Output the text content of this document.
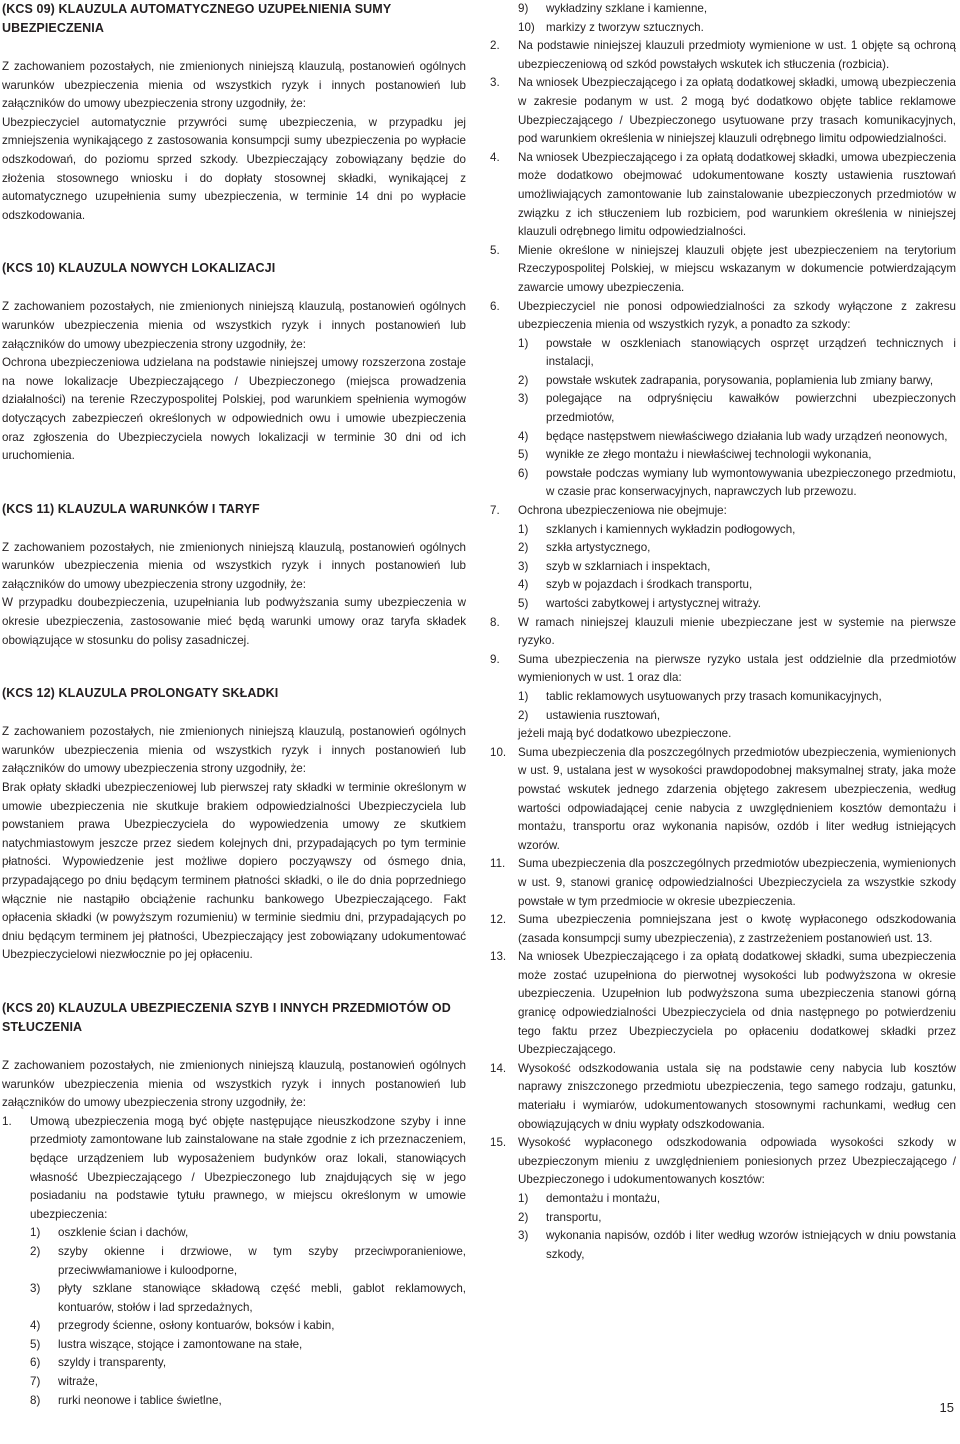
(KCS 09) KLAUZULA AUTOMATYCZNEGO UZUPEŁNIENIA SUMY UBEZPIECZENIA

Z zachowaniem pozostałych, nie zmienionych niniejszą klauzulą, postanowień ogólnych warunków ubezpieczenia mienia od wszystkich ryzyk i innych postanowień lub załączników do umowy ubezpieczenia strony uzgodniły, że:

Ubezpieczyciel automatycznie przywróci sumę ubezpieczenia, w przypadku jej zmniejszenia wynikającego z zastosowania konsumpcji sumy ubezpieczenia po wypłacie odszkodowań, do poziomu sprzed szkody. Ubezpieczający zobowiązany będzie do złożenia stosownego wniosku i do dopłaty stosownej składki, wynikającej z automatycznego uzupełnienia sumy ubezpieczenia, w terminie 14 dni po wypłacie odszkodowania.

(KCS 10) KLAUZULA NOWYCH LOKALIZACJI

Z zachowaniem pozostałych, nie zmienionych niniejszą klauzulą, postanowień ogólnych warunków ubezpieczenia mienia od wszystkich ryzyk i innych postanowień lub załączników do umowy ubezpieczenia strony uzgodniły, że:

Ochrona ubezpieczeniowa udzielana na podstawie niniejszej umowy rozszerzona zostaje na nowe lokalizacje Ubezpieczającego / Ubezpieczonego (miejsca prowadzenia działalności) na terenie Rzeczypospolitej Polskiej, pod warunkiem spełnienia wymogów dotyczących zabezpieczeń określonych w odpowiednich owu i umowie ubezpieczenia oraz zgłoszenia do Ubezpieczyciela nowych lokalizacji w terminie 30 dni od ich uruchomienia.

(KCS 11) KLAUZULA WARUNKÓW I TARYF

Z zachowaniem pozostałych, nie zmienionych niniejszą klauzulą, postanowień ogólnych warunków ubezpieczenia mienia od wszystkich ryzyk i innych postanowień lub załączników do umowy ubezpieczenia strony uzgodniły, że:

W przypadku doubezpieczenia, uzupełniania lub podwyższania sumy ubezpieczenia w okresie ubezpieczenia, zastosowanie mieć będą warunki umowy oraz taryfa składek obowiązujące w stosunku do polisy zasadniczej.

(KCS 12) KLAUZULA PROLONGATY SKŁADKI

Z zachowaniem pozostałych, nie zmienionych niniejszą klauzulą, postanowień ogólnych warunków ubezpieczenia mienia od wszystkich ryzyk i innych postanowień lub załączników do umowy ubezpieczenia strony uzgodniły, że:

Brak opłaty składki ubezpieczeniowej lub pierwszej raty składki w terminie określonym w umowie ubezpieczenia nie skutkuje brakiem odpowiedzialności Ubezpieczyciela lub powstaniem prawa Ubezpieczyciela do wypowiedzenia umowy ze skutkiem natychmiastowym jeszcze przez siedem kolejnych dni, przypadających po tym terminie płatności. Wypowiedzenie jest możliwe dopiero poczyąwszy od ósmego dnia, przypadającego po dniu będącym terminem płatności składki, o ile do dnia poprzedniego włącznie nie nastąpiło obciążenie rachunku bankowego Ubezpieczającego. Fakt opłacenia składki (w powyższym rozumieniu) w terminie siedmiu dni, przypadających po dniu będącym terminem jej płatności, Ubezpieczający jest zobowiązany udokumentować Ubezpieczycielowi niezwłocznie po jej opłaceniu.

(KCS 20) KLAUZULA UBEZPIECZENIA SZYB I INNYCH PRZEDMIOTÓW OD STŁUCZENIA

Z zachowaniem pozostałych, nie zmienionych niniejszą klauzulą, postanowień ogólnych warunków ubezpieczenia mienia od wszystkich ryzyk i innych postanowień lub załączników do umowy ubezpieczenia strony uzgodniły, że:

1. Umową ubezpieczenia mogą być objęte następujące nieuszkodzone szyby i inne przedmioty zamontowane lub zainstalowane na stałe zgodnie z ich przeznaczeniem, będące urządzeniem lub wyposażeniem budynków oraz lokali, stanowiących własność Ubezpieczającego / Ubezpieczonego lub znajdujących się w jego posiadaniu na podstawie tytułu prawnego, w miejscu określonym w umowie ubezpieczenia:
1) oszklenie ścian i dachów,
2) szyby okienne i drzwiowe, w tym szyby przeciwporanieniowe, przeciwwłamaniowe i kuloodporne,
3) płyty szklane stanowiące składową część mebli, gablot reklamowych, kontuarów, stołów i lad sprzedażnych,
4) przegrody ścienne, osłony kontuarów, boksów i kabin,
5) lustra wiszące, stojące i zamontowane na stałe,
6) szyldy i transparenty,
7) witraże,
8) rurki neonowe i tablice świetlne,
9) wykładziny szklane i kamienne,
10) markizy z tworzyw sztucznych.
2. Na podstawie niniejszej klauzuli przedmioty wymienione w ust. 1 objęte są ochroną ubezpieczeniową od szkód powstałych wskutek ich stłuczenia (rozbicia).
3. Na wniosek Ubezpieczającego i za opłatą dodatkowej składki, umową ubezpieczenia w zakresie podanym w ust. 2 mogą być dodatkowo objęte tablice reklamowe Ubezpieczającego / Ubezpieczonego usytuowane przy trasach komunikacyjnych, pod warunkiem określenia w niniejszej klauzuli odrębnego limitu odpowiedzialności.
4. Na wniosek Ubezpieczającego i za opłatą dodatkowej składki, umowa ubezpieczenia może dodatkowo obejmować udokumentowane koszty ustawienia rusztowań umożliwiających zamontowanie lub zainstalowanie ubezpieczonych przedmiotów w związku z ich stłuczeniem lub rozbiciem, pod warunkiem określenia w niniejszej klauzuli odrębnego limitu odpowiedzialności.
5. Mienie określone w niniejszej klauzuli objęte jest ubezpieczeniem na terytorium Rzeczypospolitej Polskiej, w miejscu wskazanym w dokumencie potwierdzającym zawarcie umowy ubezpieczenia.
6. Ubezpieczyciel nie ponosi odpowiedzialności za szkody wyłączone z zakresu ubezpieczenia mienia od wszystkich ryzyk, a ponadto za szkody:
1) powstałe w oszkleniach stanowiących osprzęt urządzeń technicznych i instalacji,
2) powstałe wskutek zadrapania, porysowania, poplamienia lub zmiany barwy,
3) polegające na odpryśnięciu kawałków powierzchni ubezpieczonych przedmiotów,
4) będące następstwem niewłaściwego działania lub wady urządzeń neonowych,
5) wynikłe ze złego montażu i niewłaściwej technologii wykonania,
6) powstałe podczas wymiany lub wymontowywania ubezpieczonego przedmiotu, w czasie prac konserwacyjnych, naprawczych lub przewozu.
7. Ochrona ubezpieczeniowa nie obejmuje:
1) szklanych i kamiennych wykładzin podłogowych,
2) szkła artystycznego,
3) szyb w szklarniach i inspektach,
4) szyb w pojazdach i środkach transportu,
5) wartości zabytkowej i artystycznej witraży.
8. W ramach niniejszej klauzuli mienie ubezpieczane jest w systemie na pierwsze ryzyko.
9. Suma ubezpieczenia na pierwsze ryzyko ustala jest oddzielnie dla przedmiotów wymienionych w ust. 1 oraz dla:
1) tablic reklamowych usytuowanych przy trasach komunikacyjnych,
2) ustawienia rusztowań,
jeżeli mają być dodatkowo ubezpieczone.
10. Suma ubezpieczenia dla poszczególnych przedmiotów ubezpieczenia, wymienionych w ust. 9, ustalana jest w wysokości prawdopodobnej maksymalnej straty, jaka może powstać wskutek jednego zdarzenia objętego zakresem ubezpieczenia, według wartości odpowiadającej cenie nabycia z uwzględnieniem kosztów demontażu i montażu, transportu oraz wykonania napisów, ozdób i liter według istniejących wzorów.
11. Suma ubezpieczenia dla poszczególnych przedmiotów ubezpieczenia, wymienionych w ust. 9, stanowi granicę odpowiedzialności Ubezpieczyciela za wszystkie szkody powstałe w tym przedmiocie w okresie ubezpieczenia.
12. Suma ubezpieczenia pomniejszana jest o kwotę wypłaconego odszkodowania (zasada konsumpcji sumy ubezpieczenia), z zastrzeżeniem postanowień ust. 13.
13. Na wniosek Ubezpieczającego i za opłatą dodatkowej składki, suma ubezpieczenia może zostać uzupełniona do pierwotnej wysokości lub podwyższona w okresie ubezpieczenia. Uzupełnion lub podwyższona suma ubezpieczenia stanowi górną granicę odpowiedzialności Ubezpieczyciela od dnia następnego po potwierdzeniu tego faktu przez Ubezpieczyciela po opłaceniu dodatkowej składki przez Ubezpieczającego.
14. Wysokość odszkodowania ustala się na podstawie ceny nabycia lub kosztów naprawy zniszczonego przedmiotu ubezpieczenia, tego samego rodzaju, gatunku, materiału i wymiarów, udokumentowanych stosownymi rachunkami, według cen obowiązujących w dniu wypłaty odszkodowania.
15. Wysokość wypłaconego odszkodowania odpowiada wysokości szkody w ubezpieczonym mieniu z uwzględnieniem poniesionych przez Ubezpieczającego / Ubezpieczonego i udokumentowanych kosztów:
1) demontażu i montażu,
2) transportu,
3) wykonania napisów, ozdób i liter według wzorów istniejących w dniu powstania szkody,
15
